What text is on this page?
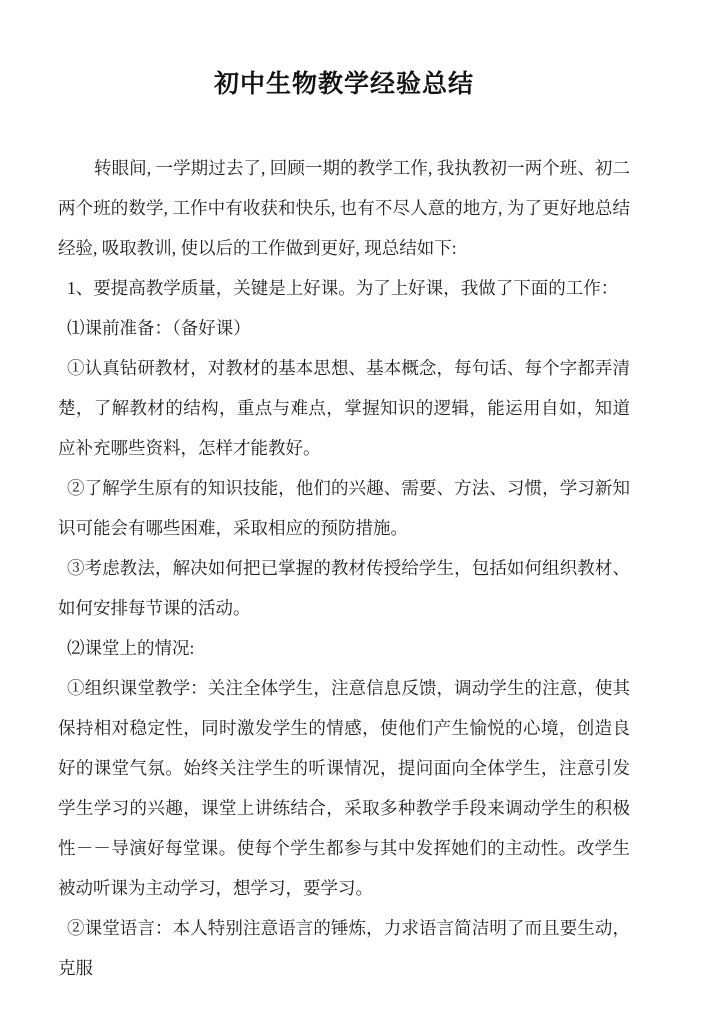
初中生物教学经验总结

转眼间, 一学期过去了, 回顾一期的教学工作, 我执教初一两个班、初二两个班的数学, 工作中有收获和快乐, 也有不尽人意的地方, 为了更好地总结经验, 吸取教训, 使以后的工作做到更好, 现总结如下:

1、要提高教学质量，关键是上好课。为了上好课，我做了下面的工作：

⑴课前准备：（备好课）

①认真钻研教材，对教材的基本思想、基本概念，每句话、每个字都弄清楚，了解教材的结构，重点与难点，掌握知识的逻辑，能运用自如，知道应补充哪些资料，怎样才能教好。

②了解学生原有的知识技能，他们的兴趣、需要、方法、习惯，学习新知识可能会有哪些困难，采取相应的预防措施。

③考虑教法，解决如何把已掌握的教材传授给学生，包括如何组织教材、如何安排每节课的活动。

⑵课堂上的情况:

①组织课堂教学：关注全体学生，注意信息反馈，调动学生的注意，使其保持相对稳定性，同时激发学生的情感，使他们产生愉悦的心境，创造良好的课堂气氛。始终关注学生的听课情况，提问面向全体学生，注意引发学生学习的兴趣，课堂上讲练结合，采取多种教学手段来调动学生的积极性－－导演好每堂课。使每个学生都参与其中发挥她们的主动性。改学生被动听课为主动学习，想学习，要学习。

②课堂语言：本人特别注意语言的锤炼，力求语言简洁明了而且要生动，克服
